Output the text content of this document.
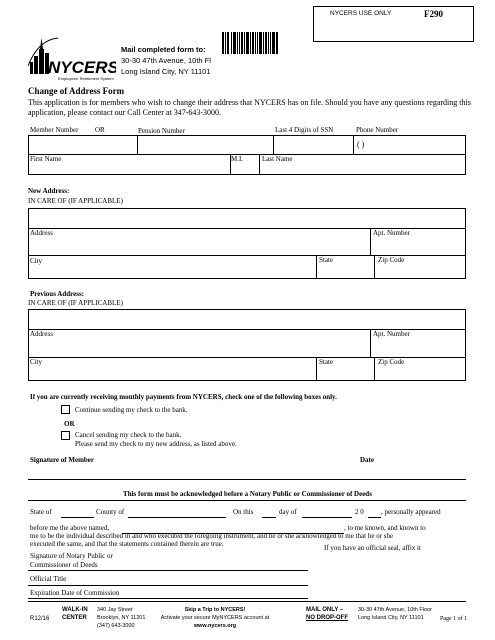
NYCERS USE ONLY	F290
NYCERS
Employees' Retirement System
Mail completed form to:
30-30 47th Avenue, 10th Fl
Long Island City, NY 11101
Change of Address Form
This application is for members who wish to change their address that NYCERS has on file. Should you have any questions regarding this application, please contact our Call Center at 347-643-3000.
Member Number OR	Pension Number	Last 4 Digits of SSN	Phone Number
( )
First Name	M.I.	Last Name
New Address:
IN CARE OF (IF APPLICABLE)
Address	Apt. Number
City	State	Zip Code
Previous Address:
IN CARE OF (IF APPLICABLE)
Address	Apt. Number
City	State	Zip Code
If you are currently receiving monthly payments from NYCERS, check one of the following boxes only.
Continue sending my check to the bank.
OR
Cancel sending my check to the bank.
Please send my check to my new address, as listed above.
Signature of Member	Date
This form must be acknowledged before a Notary Public or Commissioner of Deeds
State of	County of	On this	day of	2 0 , personally appeared
before me the above named,	, to me known, and known to
me to be the individual described in and who executed the foregoing instrument, and he or she acknowledged to me that he or she
executed the same, and that the statements contained therein are true.	If you have an official seal, affix it
Signature of Notary Public or
Commissioner of Deeds
Official Title
Expiration Date of Commission
R12/16
WALK-IN
CENTER
340 Jay Street
Brooklyn, NY 11201
(347) 643-3000
Skip a Trip to NYCERS!
Activate your secure MyNYCERS account at
www.nycers.org
MAIL ONLY –
NO DROP-OFF
30-30 47th Avenue, 10th Floor
Long Island City, NY 11101	Page 1 of 1
